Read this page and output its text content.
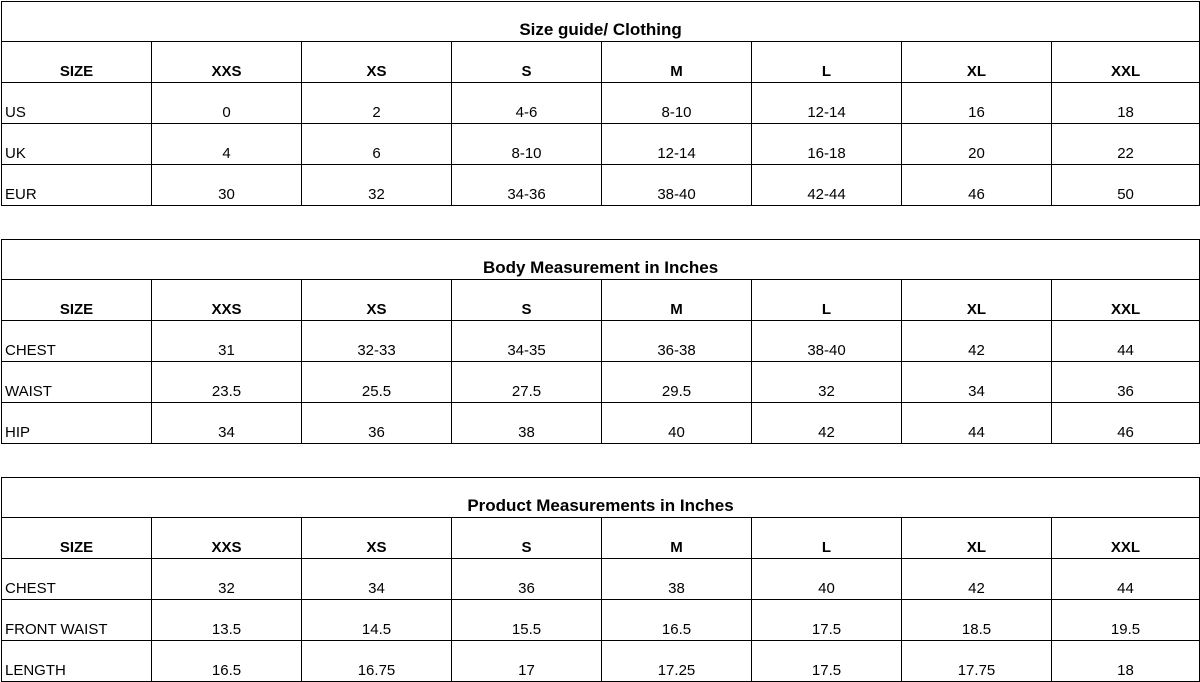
Size guide/ Clothing							
SIZE	XXS	XS	S	M	L	XL	XXL
US	0	2	4-6	8-10	12-14	16	18
UK	4	6	8-10	12-14	16-18	20	22
EUR	30	32	34-36	38-40	42-44	46	50
Body Measurement in Inches							
SIZE	XXS	XS	S	M	L	XL	XXL
CHEST	31	32-33	34-35	36-38	38-40	42	44
WAIST	23.5	25.5	27.5	29.5	32	34	36
HIP	34	36	38	40	42	44	46
Product Measurements in Inches							
SIZE	XXS	XS	S	M	L	XL	XXL
CHEST	32	34	36	38	40	42	44
FRONT WAIST	13.5	14.5	15.5	16.5	17.5	18.5	19.5
LENGTH	16.5	16.75	17	17.25	17.5	17.75	18
